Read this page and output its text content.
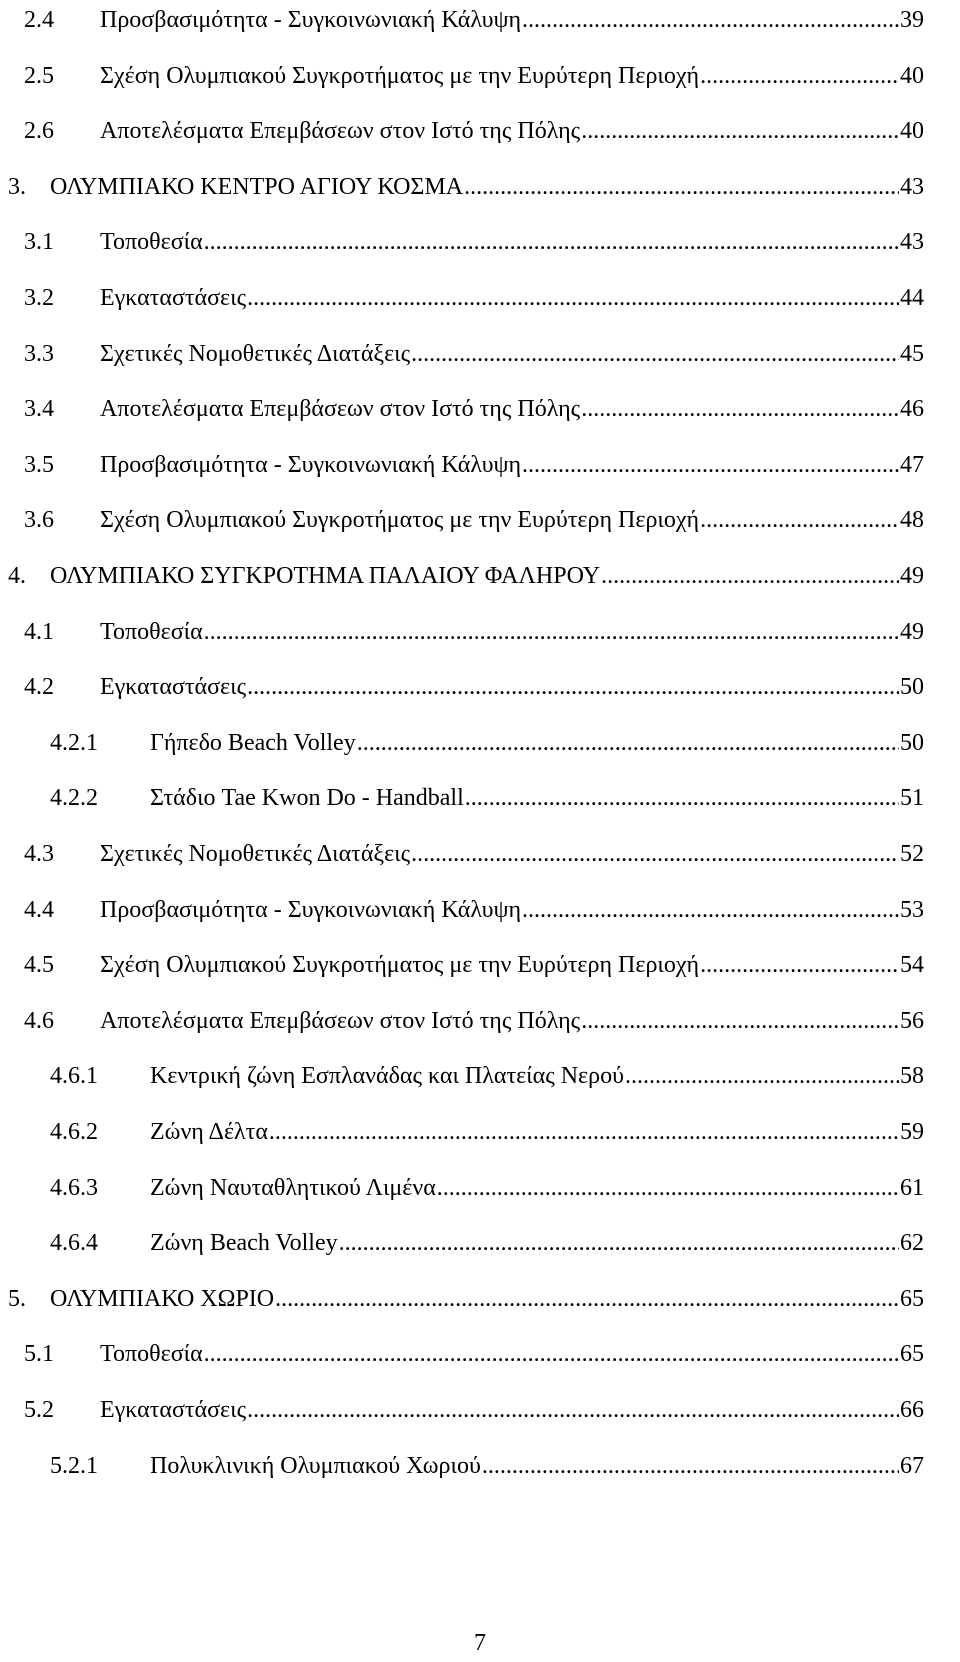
2.4	Προσβασιμότητα - Συγκοινωνιακή Κάλυψη .....	39
2.5	Σχέση Ολυμπιακού Συγκροτήματος με την Ευρύτερη Περιοχή .....	40
2.6	Αποτελέσματα Επεμβάσεων στον Ιστό της Πόλης .....	40
3.	ΟΛΥΜΠΙΑΚΟ ΚΕΝΤΡΟ ΑΓΙΟΥ ΚΟΣΜΑ .....	43
3.1	Τοποθεσία .....	43
3.2	Εγκαταστάσεις .....	44
3.3	Σχετικές Νομοθετικές Διατάξεις .....	45
3.4	Αποτελέσματα Επεμβάσεων στον Ιστό της Πόλης .....	46
3.5	Προσβασιμότητα - Συγκοινωνιακή Κάλυψη .....	47
3.6	Σχέση Ολυμπιακού Συγκροτήματος με την Ευρύτερη Περιοχή .....	48
4.	ΟΛΥΜΠΙΑΚΟ ΣΥΓΚΡΟΤΗΜΑ ΠΑΛΑΙΟΥ ΦΑΛΗΡΟΥ .....	49
4.1	Τοποθεσία .....	49
4.2	Εγκαταστάσεις .....	50
4.2.1	Γήπεδο Beach Volley .....	50
4.2.2	Στάδιο Tae Kwon Do - Handball .....	51
4.3	Σχετικές Νομοθετικές Διατάξεις .....	52
4.4	Προσβασιμότητα - Συγκοινωνιακή Κάλυψη .....	53
4.5	Σχέση Ολυμπιακού Συγκροτήματος με την Ευρύτερη Περιοχή .....	54
4.6	Αποτελέσματα Επεμβάσεων στον Ιστό της Πόλης .....	56
4.6.1	Κεντρική ζώνη Εσπλανάδας και Πλατείας Νερού .....	58
4.6.2	Ζώνη Δέλτα .....	59
4.6.3	Ζώνη Ναυταθλητικού Λιμένα .....	61
4.6.4	Ζώνη Beach Volley .....	62
5.	ΟΛΥΜΠΙΑΚΟ ΧΩΡΙΟ .....	65
5.1	Τοποθεσία .....	65
5.2	Εγκαταστάσεις .....	66
5.2.1	Πολυκλινική Ολυμπιακού Χωριού .....	67
7
